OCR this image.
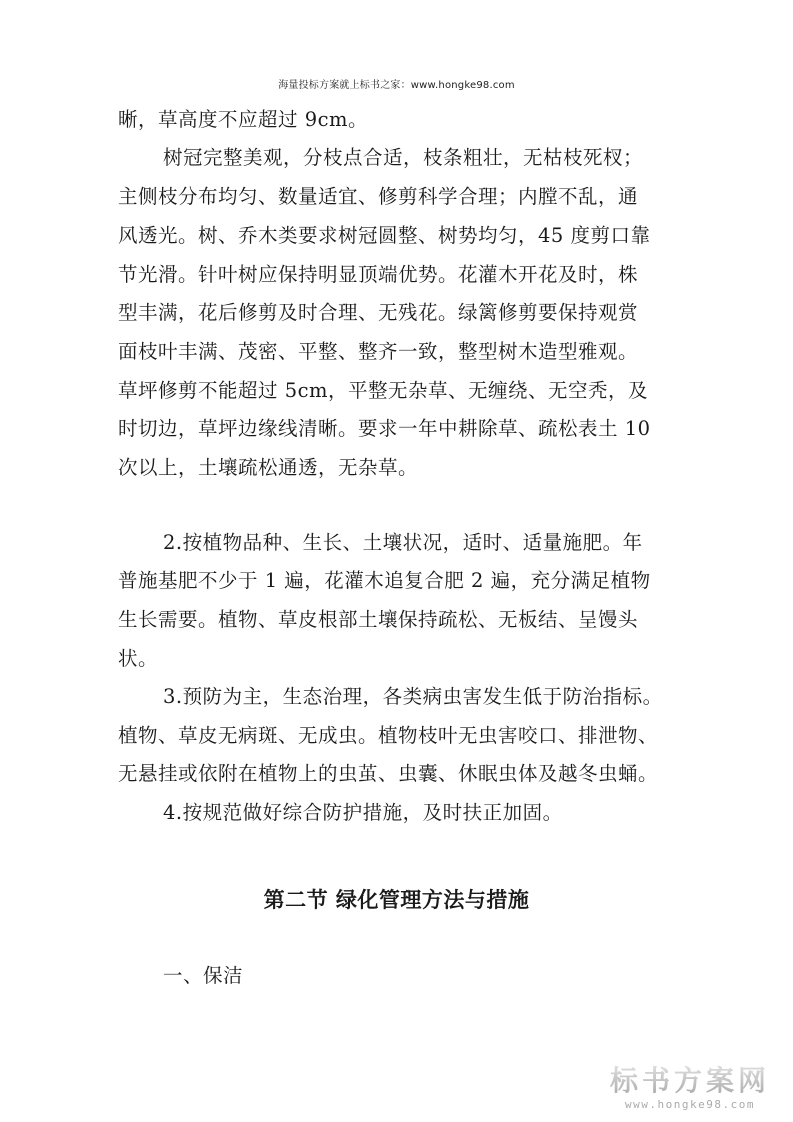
海量投标方案就上标书之家：www.hongke98.com
晰，草高度不应超过 9cm。
树冠完整美观，分枝点合适，枝条粗壮，无枯枝死杈；
主侧枝分布均匀、数量适宜、修剪科学合理；内膛不乱，通
风透光。树、乔木类要求树冠圆整、树势均匀，45 度剪口靠
节光滑。针叶树应保持明显顶端优势。花灌木开花及时，株
型丰满，花后修剪及时合理、无残花。绿篱修剪要保持观赏
面枝叶丰满、茂密、平整、整齐一致，整型树木造型雅观。
草坪修剪不能超过 5cm，平整无杂草、无缠绕、无空秃，及
时切边，草坪边缘线清晰。要求一年中耕除草、疏松表土 10
次以上，土壤疏松通透，无杂草。
2.按植物品种、生长、土壤状况，适时、适量施肥。年
普施基肥不少于 1 遍，花灌木追复合肥 2 遍，充分满足植物
生长需要。植物、草皮根部土壤保持疏松、无板结、呈馒头
状。
3.预防为主，生态治理，各类病虫害发生低于防治指标。
植物、草皮无病斑、无成虫。植物枝叶无虫害咬口、排泄物、
无悬挂或依附在植物上的虫茧、虫囊、休眠虫体及越冬虫蛹。
4.按规范做好综合防护措施，及时扶正加固。
第二节 绿化管理方法与措施
一、保洁
标书方案网
www.hongke98.com
